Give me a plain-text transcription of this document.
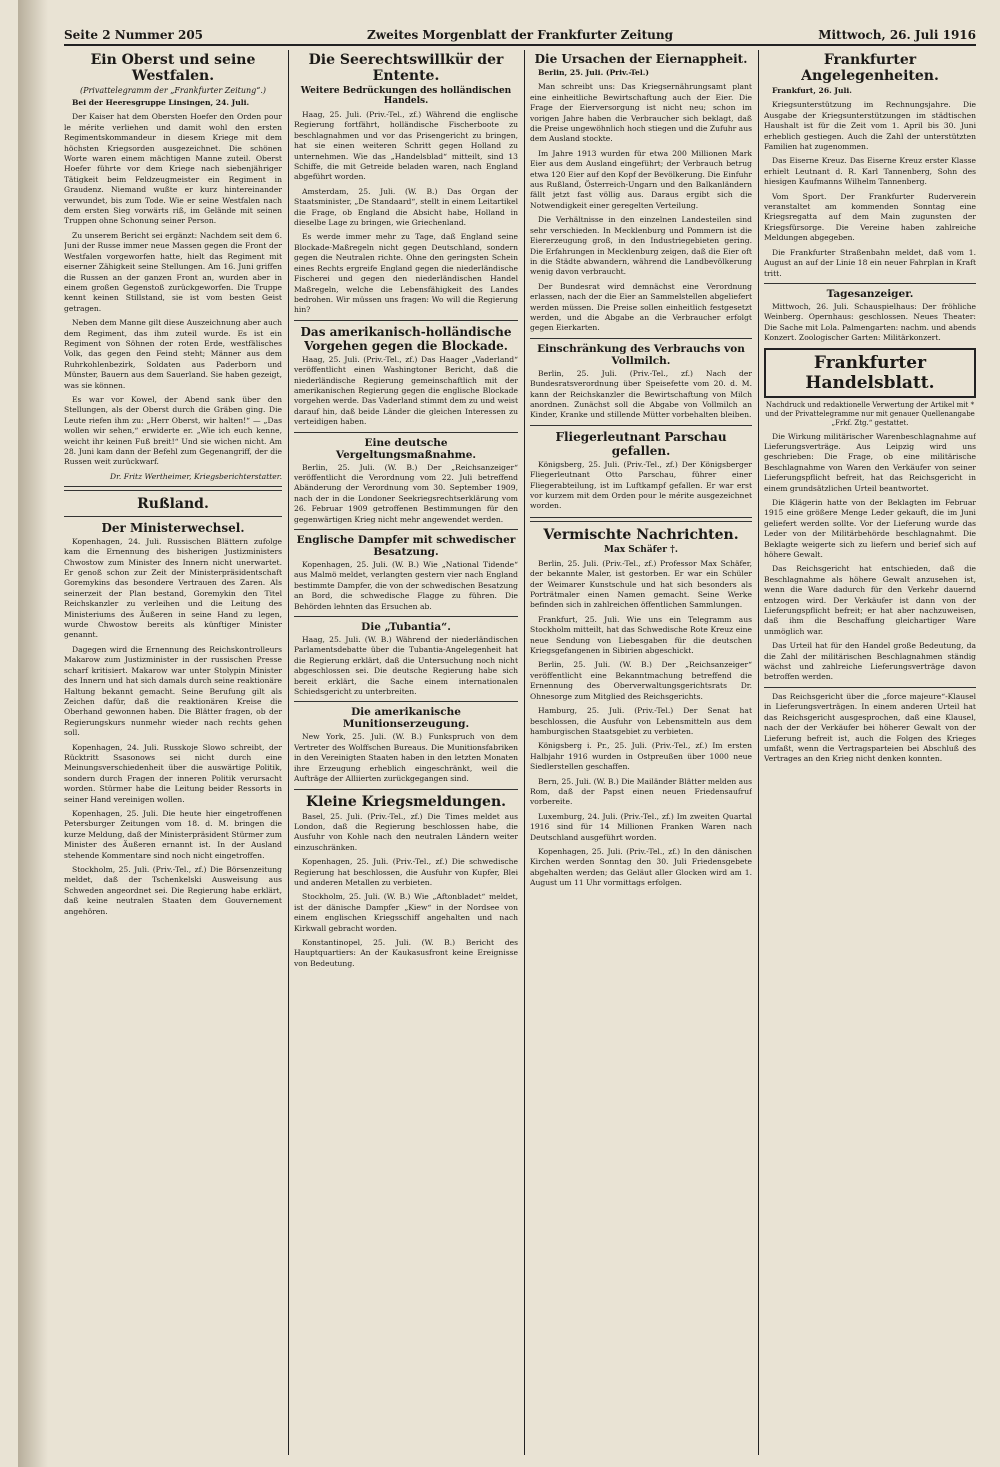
Seite 2 Nummer 205	Zweites Morgenblatt der Frankfurter Zeitung	Mittwoch, 26. Juli 1916
Ein Oberst und seine Westfalen.
(Privattelegramm der „Frankfurter Zeitung“.)

Bei der Heeresgruppe Linsingen, 24. Juli.

Der Kaiser hat dem Obersten Hoefer den Orden pour le mérite verliehen und damit wohl den ersten Regimentskommandeur in diesem Kriege mit dem höchsten Kriegsorden ausgezeichnet. Die schönen Worte waren einem mächtigen Manne zuteil. Oberst Hoefer führte vor dem Kriege nach siebenjähriger Tätigkeit beim Feldzeugmeister ein Regiment in Graudenz. Niemand wußte er kurz hintereinander verwundet, bis zum Tode. Wie er seine Westfalen nach dem ersten Sieg vorwärts riß, im Gelände mit seinen Truppen ohne Schonung seiner Person.

Zu unserem Bericht sei ergänzt: Nachdem seit dem 6. Juni der Russe immer neue Massen gegen die Front der Westfalen vorgeworfen hatte, hielt das Regiment mit eiserner Zähigkeit seine Stellungen. Am 16. Juni griffen die Russen an der ganzen Front an, wurden aber in einem großen Gegenstoß zurückgeworfen. Die Truppe kennt keinen Stillstand, sie ist vom besten Geist getragen.

Neben dem Manne gilt diese Auszeichnung aber auch dem Regiment, das ihm zuteil wurde. Es ist ein Regiment von Söhnen der roten Erde, westfälisches Volk, das gegen den Feind steht; Männer aus dem Ruhrkohlenbezirk, Soldaten aus Paderborn und Münster, Bauern aus dem Sauerland. Sie haben gezeigt, was sie können.

Es war vor Kowel, der Abend sank über den Stellungen, als der Oberst durch die Gräben ging. Die Leute riefen ihm zu: „Herr Oberst, wir halten!“ — „Das wollen wir sehen,“ erwiderte er. „Wie ich euch kenne, weicht ihr keinen Fuß breit!“ Und sie wichen nicht. Am 28. Juni kam dann der Befehl zum Gegenangriff, der die Russen weit zurückwarf.

Dr. Fritz Wertheimer, Kriegsberichterstatter.
Rußland.
Der Ministerwechsel.

Kopenhagen, 24. Juli. Russischen Blättern zufolge kam die Ernennung des bisherigen Justizministers Chwostow zum Minister des Innern nicht unerwartet. Er genoß schon zur Zeit der Ministerpräsidentschaft Goremykins das besondere Vertrauen des Zaren. Als seinerzeit der Plan bestand, Goremykin den Titel Reichskanzler zu verleihen und die Leitung des Ministeriums des Äußeren in seine Hand zu legen, wurde Chwostow bereits als künftiger Minister genannt.

Dagegen wird die Ernennung des Reichskontrolleurs Makarow zum Justizminister in der russischen Presse scharf kritisiert. Makarow war unter Stolypin Minister des Innern und hat sich damals durch seine reaktionäre Haltung bekannt gemacht. Seine Berufung gilt als Zeichen dafür, daß die reaktionären Kreise die Oberhand gewonnen haben. Die Blätter fragen, ob der Regierungskurs nunmehr wieder nach rechts gehen soll.

Kopenhagen, 24. Juli. Russkoje Slowo schreibt, der Rücktritt Ssasonows sei nicht durch eine Meinungsverschiedenheit über die auswärtige Politik, sondern durch Fragen der inneren Politik verursacht worden. Stürmer habe die Leitung beider Ressorts in seiner Hand vereinigen wollen.

Kopenhagen, 25. Juli. Die heute hier eingetroffenen Petersburger Zeitungen vom 18. d. M. bringen die kurze Meldung, daß der Ministerpräsident Stürmer zum Minister des Äußeren ernannt ist. In der Ausland stehende Kommentare sind noch nicht eingetroffen.

Stockholm, 25. Juli. (Priv.-Tel., zf.) Die Börsenzeitung meldet, daß der Tschenkelski Ausweisung aus Schweden angeordnet sei. Die Regierung habe erklärt, daß keine neutralen Staaten dem Gouvernement angehören.

Die Seerechtswillkür der Entente.
Weitere Bedrückungen des holländischen Handels.

Haag, 25. Juli. (Priv.-Tel., zf.) Während die englische Regierung fortfährt, holländische Fischerboote zu beschlagnahmen und vor das Prisengericht zu bringen, hat sie einen weiteren Schritt gegen Holland zu unternehmen. Wie das „Handelsblad“ mitteilt, sind 13 Schiffe, die mit Getreide beladen waren, nach England abgeführt worden.

Amsterdam, 25. Juli. (W. B.) Das Organ der Staatsminister, „De Standaard“, stellt in einem Leitartikel die Frage, ob England die Absicht habe, Holland in dieselbe Lage zu bringen, wie Griechenland.

Es werde immer mehr zu Tage, daß England seine Blockade-Maßregeln nicht gegen Deutschland, sondern gegen die Neutralen richte. Ohne den geringsten Schein eines Rechts ergreife England gegen die niederländische Fischerei und gegen den niederländischen Handel Maßregeln, welche die Lebensfähigkeit des Landes bedrohen. Wir müssen uns fragen: Wo will die Regierung hin?

Das amerikanisch-holländische Vorgehen gegen die Blockade.

Haag, 25. Juli. (Priv.-Tel., zf.) Das Haager „Vaderland“ veröffentlicht einen Washingtoner Bericht, daß die niederländische Regierung gemeinschaftlich mit der amerikanischen Regierung gegen die englische Blockade vorgehen werde. Das Vaderland stimmt dem zu und weist darauf hin, daß beide Länder die gleichen Interessen zu verteidigen haben.

Eine deutsche Vergeltungsmaßnahme.

Berlin, 25. Juli. (W. B.) Der „Reichsanzeiger“ veröffentlicht die Verordnung vom 22. Juli betreffend Abänderung der Verordnung vom 30. September 1909, nach der in die Londoner Seekriegsrechtserklärung vom 26. Februar 1909 getroffenen Bestimmungen für den gegenwärtigen Krieg nicht mehr angewendet werden.

Englische Dampfer mit schwedischer Besatzung.

Kopenhagen, 25. Juli. (W. B.) Wie „National Tidende“ aus Malmö meldet, verlangten gestern vier nach England bestimmte Dampfer, die von der schwedischen Besatzung an Bord, die schwedische Flagge zu führen. Die Behörden lehnten das Ersuchen ab.

Die „Tubantia“.

Haag, 25. Juli. (W. B.) Während der niederländischen Parlamentsdebatte über die Tubantia-Angelegenheit hat die Regierung erklärt, daß die Untersuchung noch nicht abgeschlossen sei. Die deutsche Regierung habe sich bereit erklärt, die Sache einem internationalen Schiedsgericht zu unterbreiten.

Die amerikanische Munitionserzeugung.

New York, 25. Juli. (W. B.) Funkspruch von dem Vertreter des Wolffschen Bureaus. Die Munitionsfabriken in den Vereinigten Staaten haben in den letzten Monaten ihre Erzeugung erheblich eingeschränkt, weil die Aufträge der Alliierten zurückgegangen sind.

Kleine Kriegsmeldungen.

Basel, 25. Juli. (Priv.-Tel., zf.) Die Times meldet aus London, daß die Regierung beschlossen habe, die Ausfuhr von Kohle nach den neutralen Ländern weiter einzuschränken.

Kopenhagen, 25. Juli. (Priv.-Tel., zf.) Die schwedische Regierung hat beschlossen, die Ausfuhr von Kupfer, Blei und anderen Metallen zu verbieten.

Stockholm, 25. Juli. (W. B.) Wie „Aftonbladet“ meldet, ist der dänische Dampfer „Kiew“ in der Nordsee von einem englischen Kriegsschiff angehalten und nach Kirkwall gebracht worden.

Konstantinopel, 25. Juli. (W. B.) Bericht des Hauptquartiers: An der Kaukasusfront keine Ereignisse von Bedeutung.

Die Ursachen der Eiernappheit.

Berlin, 25. Juli. (Priv.-Tel.)

Man schreibt uns: Das Kriegsernährungsamt plant eine einheitliche Bewirtschaftung auch der Eier. Die Frage der Eierversorgung ist nicht neu; schon im vorigen Jahre haben die Verbraucher sich beklagt, daß die Preise ungewöhnlich hoch stiegen und die Zufuhr aus dem Ausland stockte.

Im Jahre 1913 wurden für etwa 200 Millionen Mark Eier aus dem Ausland eingeführt; der Verbrauch betrug etwa 120 Eier auf den Kopf der Bevölkerung. Die Einfuhr aus Rußland, Österreich-Ungarn und den Balkanländern fällt jetzt fast völlig aus. Daraus ergibt sich die Notwendigkeit einer geregelten Verteilung.

Die Verhältnisse in den einzelnen Landesteilen sind sehr verschieden. In Mecklenburg und Pommern ist die Eiererzeugung groß, in den Industriegebieten gering. Die Erfahrungen in Mecklenburg zeigen, daß die Eier oft in die Städte abwandern, während die Landbevölkerung wenig davon verbraucht.

Der Bundesrat wird demnächst eine Verordnung erlassen, nach der die Eier an Sammelstellen abgeliefert werden müssen. Die Preise sollen einheitlich festgesetzt werden, und die Abgabe an die Verbraucher erfolgt gegen Eierkarten.

Einschränkung des Verbrauchs von Vollmilch.

Berlin, 25. Juli. (Priv.-Tel., zf.) Nach der Bundesratsverordnung über Speisefette vom 20. d. M. kann der Reichskanzler die Bewirtschaftung von Milch anordnen. Zunächst soll die Abgabe von Vollmilch an Kinder, Kranke und stillende Mütter vorbehalten bleiben.

Fliegerleutnant Parschau gefallen.

Königsberg, 25. Juli. (Priv.-Tel., zf.) Der Königsberger Fliegerleutnant Otto Parschau, führer einer Fliegerabteilung, ist im Luftkampf gefallen. Er war erst vor kurzem mit dem Orden pour le mérite ausgezeichnet worden.

Vermischte Nachrichten.
Max Schäfer †.

Berlin, 25. Juli. (Priv.-Tel., zf.) Professor Max Schäfer, der bekannte Maler, ist gestorben. Er war ein Schüler der Weimarer Kunstschule und hat sich besonders als Porträtmaler einen Namen gemacht. Seine Werke befinden sich in zahlreichen öffentlichen Sammlungen.

Frankfurt, 25. Juli. Wie uns ein Telegramm aus Stockholm mitteilt, hat das Schwedische Rote Kreuz eine neue Sendung von Liebesgaben für die deutschen Kriegsgefangenen in Sibirien abgeschickt.

Berlin, 25. Juli. (W. B.) Der „Reichsanzeiger“ veröffentlicht eine Bekanntmachung betreffend die Ernennung des Oberverwaltungsgerichtsrats Dr. Ohnesorge zum Mitglied des Reichsgerichts.

Hamburg, 25. Juli. (Priv.-Tel.) Der Senat hat beschlossen, die Ausfuhr von Lebensmitteln aus dem hamburgischen Staatsgebiet zu verbieten.

Königsberg i. Pr., 25. Juli. (Priv.-Tel., zf.) Im ersten Halbjahr 1916 wurden in Ostpreußen über 1000 neue Siedlerstellen geschaffen.

Bern, 25. Juli. (W. B.) Die Mailänder Blätter melden aus Rom, daß der Papst einen neuen Friedensaufruf vorbereite.

Luxemburg, 24. Juli. (Priv.-Tel., zf.) Im zweiten Quartal 1916 sind für 14 Millionen Franken Waren nach Deutschland ausgeführt worden.

Kopenhagen, 25. Juli. (Priv.-Tel., zf.) In den dänischen Kirchen werden Sonntag den 30. Juli Friedensgebete abgehalten werden; das Geläut aller Glocken wird am 1. August um 11 Uhr vormittags erfolgen.

Frankfurter Angelegenheiten.

Frankfurt, 26. Juli.

Kriegsunterstützung im Rechnungsjahre. Die Ausgabe der Kriegsunterstützungen im städtischen Haushalt ist für die Zeit vom 1. April bis 30. Juni erheblich gestiegen. Auch die Zahl der unterstützten Familien hat zugenommen.

Das Eiserne Kreuz. Das Eiserne Kreuz erster Klasse erhielt Leutnant d. R. Karl Tannenberg, Sohn des hiesigen Kaufmanns Wilhelm Tannenberg.

Vom Sport. Der Frankfurter Ruderverein veranstaltet am kommenden Sonntag eine Kriegsregatta auf dem Main zugunsten der Kriegsfürsorge. Die Vereine haben zahlreiche Meldungen abgegeben.

Die Frankfurter Straßenbahn meldet, daß vom 1. August an auf der Linie 18 ein neuer Fahrplan in Kraft tritt.

Tagesanzeiger.

Mittwoch, 26. Juli. Schauspielhaus: Der fröhliche Weinberg. Opernhaus: geschlossen. Neues Theater: Die Sache mit Lola. Palmengarten: nachm. und abends Konzert. Zoologischer Garten: Militärkonzert.

Frankfurter Handelsblatt.
Nachdruck und redaktionelle Verwertung der Artikel mit * und der Privattelegramme nur mit genauer Quellenangabe „Frkf. Ztg.“ gestattet.

Die Wirkung militärischer Warenbeschlagnahme auf Lieferungsverträge. Aus Leipzig wird uns geschrieben: Die Frage, ob eine militärische Beschlagnahme von Waren den Verkäufer von seiner Lieferungspflicht befreit, hat das Reichsgericht in einem grundsätzlichen Urteil beantwortet.

Die Klägerin hatte von der Beklagten im Februar 1915 eine größere Menge Leder gekauft, die im Juni geliefert werden sollte. Vor der Lieferung wurde das Leder von der Militärbehörde beschlagnahmt. Die Beklagte weigerte sich zu liefern und berief sich auf höhere Gewalt.

Das Reichsgericht hat entschieden, daß die Beschlagnahme als höhere Gewalt anzusehen ist, wenn die Ware dadurch für den Verkehr dauernd entzogen wird. Der Verkäufer ist dann von der Lieferungspflicht befreit; er hat aber nachzuweisen, daß ihm die Beschaffung gleichartiger Ware unmöglich war.

Das Urteil hat für den Handel große Bedeutung, da die Zahl der militärischen Beschlagnahmen ständig wächst und zahlreiche Lieferungsverträge davon betroffen werden.

Das Reichsgericht über die „force majeure“-Klausel in Lieferungsverträgen. In einem anderen Urteil hat das Reichsgericht ausgesprochen, daß eine Klausel, nach der der Verkäufer bei höherer Gewalt von der Lieferung befreit ist, auch die Folgen des Krieges umfaßt, wenn die Vertragsparteien bei Abschluß des Vertrages an den Krieg nicht denken konnten.
